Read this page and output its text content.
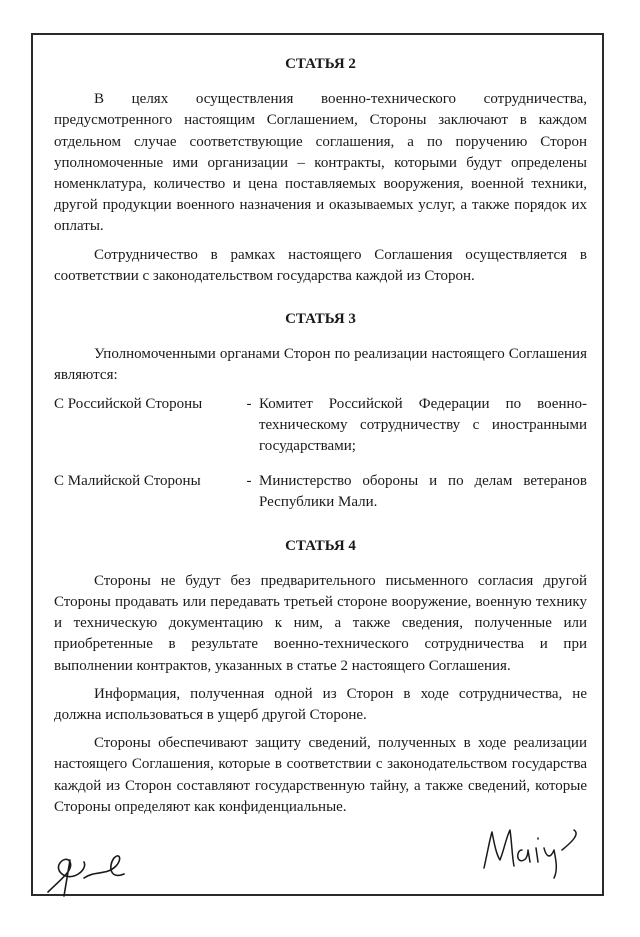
СТАТЬЯ 2

В целях осуществления военно-технического сотрудничества, предусмотренного настоящим Соглашением, Стороны заключают в каждом отдельном случае соответствующие соглашения, а по поручению Сторон уполномоченные ими организации – контракты, которыми будут определены номенклатура, количество и цена поставляемых вооружения, военной техники, другой продукции военного назначения и оказываемых услуг, а также порядок их оплаты.

Сотрудничество в рамках настоящего Соглашения осуществляется в соответствии с законодательством государства каждой из Сторон.

СТАТЬЯ 3

Уполномоченными органами Сторон по реализации настоящего Соглашения являются:

С Российской Стороны	- Комитет Российской Федерации по военно-техническому сотрудничеству с иностранными государствами;
С Малийской Стороны	- Министерство обороны и по делам ветеранов Республики Мали.
СТАТЬЯ 4

Стороны не будут без предварительного письменного согласия другой Стороны продавать или передавать третьей стороне вооружение, военную технику и техническую документацию к ним, а также сведения, полученные или приобретенные в результате военно-технического сотрудничества и при выполнении контрактов, указанных в статье 2 настоящего Соглашения.

Информация, полученная одной из Сторон в ходе сотрудничества, не должна использоваться в ущерб другой Стороне.

Стороны обеспечивают защиту сведений, полученных в ходе реализации настоящего Соглашения, которые в соответствии с законодательством государства каждой из Сторон составляют государственную тайну, а также сведений, которые Стороны определяют как конфиденциальные.
